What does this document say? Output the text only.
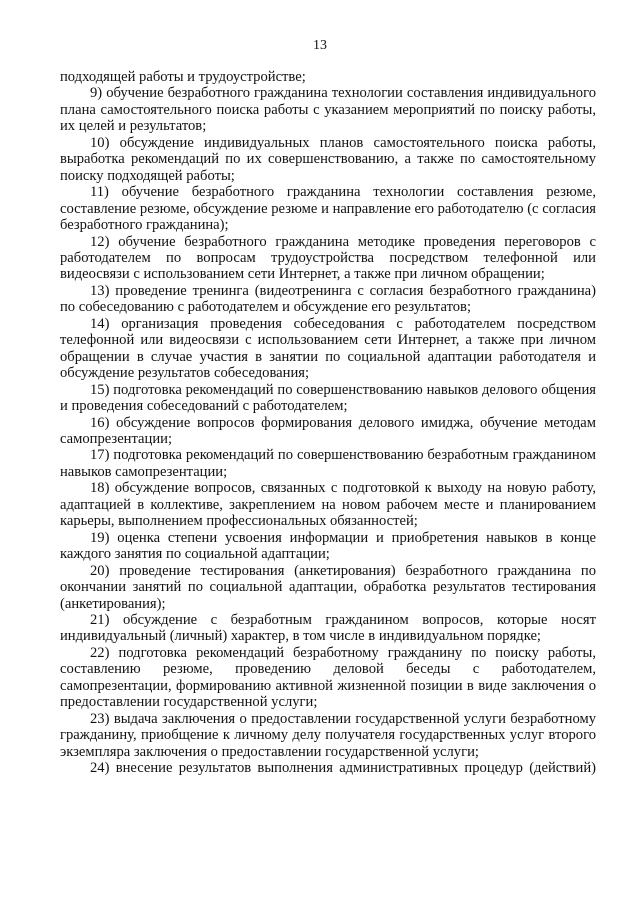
13

подходящей работы и трудоустройстве;

9) обучение безработного гражданина технологии составления индивидуального плана самостоятельного поиска работы с указанием мероприятий по поиску работы, их целей и результатов;

10) обсуждение индивидуальных планов самостоятельного поиска работы, выработка рекомендаций по их совершенствованию, а также по самостоятельному поиску подходящей работы;

11) обучение безработного гражданина технологии составления резюме, составление резюме, обсуждение резюме и направление его работодателю (с согласия безработного гражданина);

12) обучение безработного гражданина методике проведения переговоров с работодателем по вопросам трудоустройства посредством телефонной или видеосвязи с использованием сети Интернет, а также при личном обращении;

13) проведение тренинга (видеотренинга с согласия безработного гражданина) по собеседованию с работодателем и обсуждение его результатов;

14) организация проведения собеседования с работодателем посредством телефонной или видеосвязи с использованием сети Интернет, а также при личном обращении в случае участия в занятии по социальной адаптации работодателя и обсуждение результатов собеседования;

15) подготовка рекомендаций по совершенствованию навыков делового общения и проведения собеседований с работодателем;

16) обсуждение вопросов формирования делового имиджа, обучение методам самопрезентации;

17) подготовка рекомендаций по совершенствованию безработным гражданином навыков самопрезентации;

18) обсуждение вопросов, связанных с подготовкой к выходу на новую работу, адаптацией в коллективе, закреплением на новом рабочем месте и планированием карьеры, выполнением профессиональных обязанностей;

19) оценка степени усвоения информации и приобретения навыков в конце каждого занятия по социальной адаптации;

20) проведение тестирования (анкетирования) безработного гражданина по окончании занятий по социальной адаптации, обработка результатов тестирования (анкетирования);

21) обсуждение с безработным гражданином вопросов, которые носят индивидуальный (личный) характер, в том числе в индивидуальном порядке;

22) подготовка рекомендаций безработному гражданину по поиску работы, составлению резюме, проведению деловой беседы с работодателем, самопрезентации, формированию активной жизненной позиции в виде заключения о предоставлении государственной услуги;

23) выдача заключения о предоставлении государственной услуги безработному гражданину, приобщение к личному делу получателя государственных услуг второго экземпляра заключения о предоставлении государственной услуги;

24) внесение результатов выполнения административных процедур (действий)
